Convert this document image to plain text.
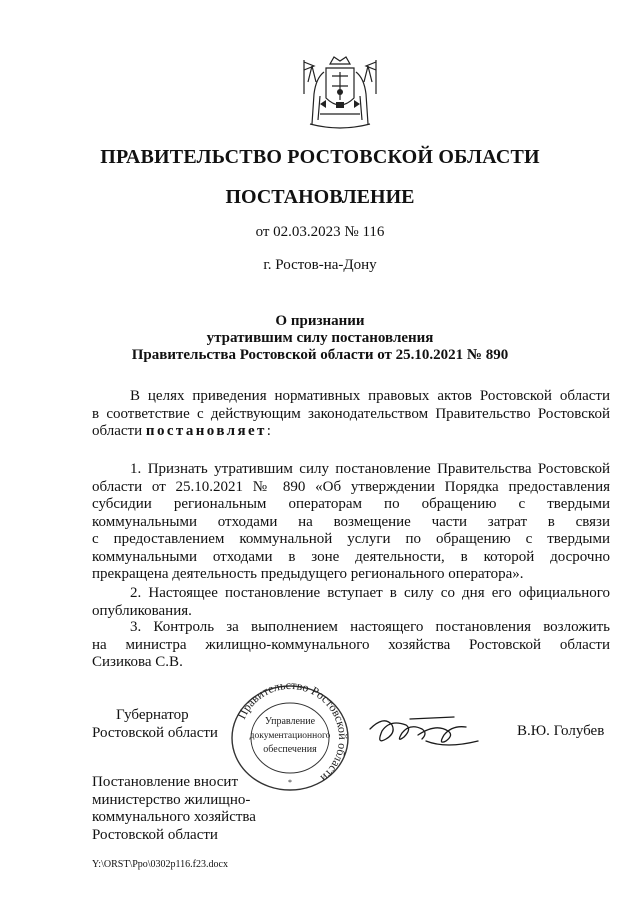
ПРАВИТЕЛЬСТВО РОСТОВСКОЙ ОБЛАСТИ
ПОСТАНОВЛЕНИЕ
от 02.03.2023 № 116
г. Ростов-на-Дону
О признании
утратившим силу постановления
Правительства Ростовской области от 25.10.2021 № 890
В целях приведения нормативных правовых актов Ростовской области
в соответствие с действующим законодательством Правительство Ростовской
области постановляет:
1. Признать утратившим силу постановление Правительства Ростовской
области от 25.10.2021 № 890 «Об утверждении Порядка предоставления
субсидии региональным операторам по обращению с твердыми
коммунальными отходами на возмещение части затрат в связи
с предоставлением коммунальной услуги по обращению с твердыми
коммунальными отходами в зоне деятельности, в которой досрочно
прекращена деятельность предыдущего регионального оператора».
2. Настоящее постановление вступает в силу со дня его официального
опубликования.
3. Контроль за выполнением настоящего постановления возложить
на министра жилищно-коммунального хозяйства Ростовской области
Сизикова С.В.
Губернатор
Ростовской области
Правительство Ростовской области
Управление
документационного
обеспечения
*
В.Ю. Голубев
Постановление вносит
министерство жилищно-
коммунального хозяйства
Ростовской области
Y:\ORST\Ppo\0302p116.f23.docx
